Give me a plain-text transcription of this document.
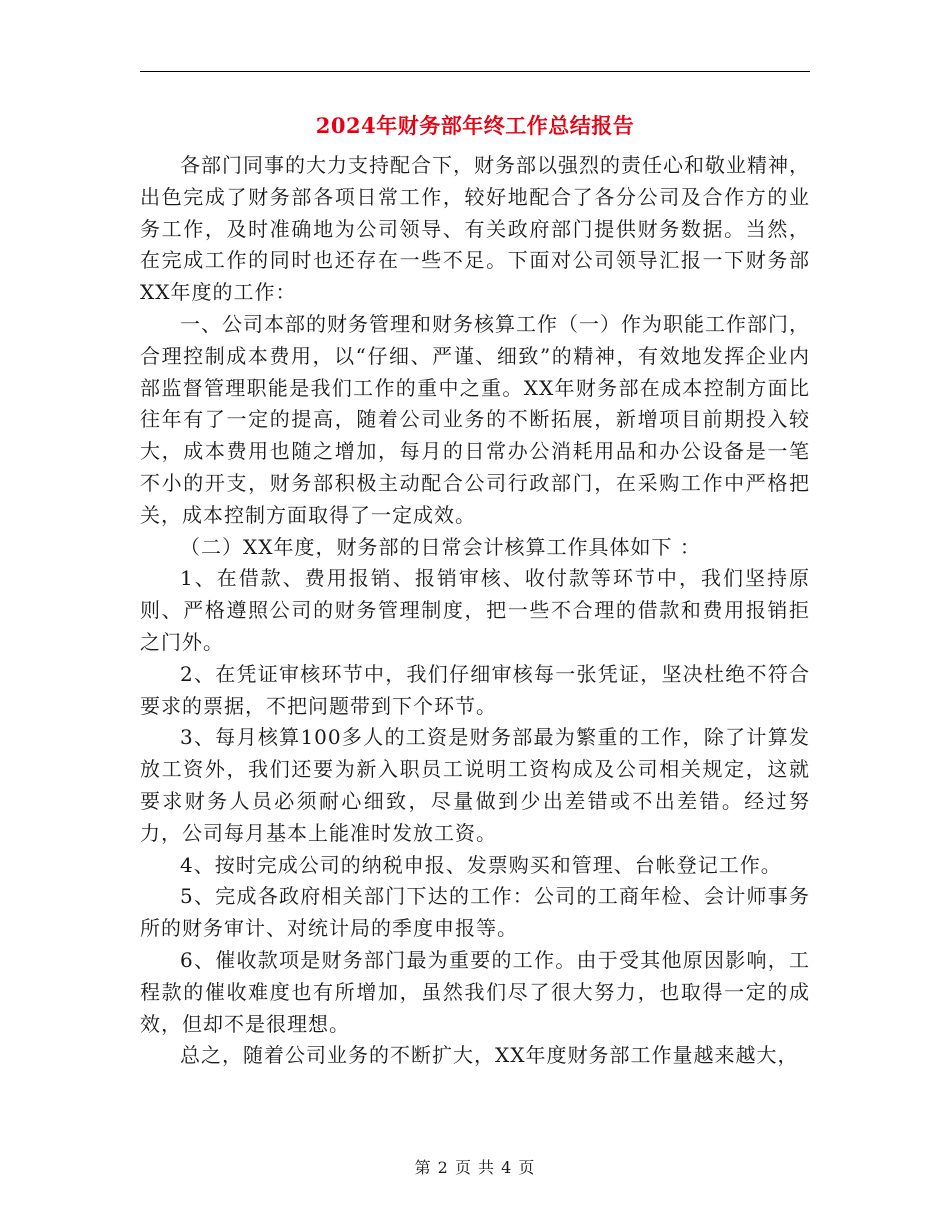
2024年财务部年终工作总结报告

各部门同事的大力支持配合下，财务部以强烈的责任心和敬业精神，出色完成了财务部各项日常工作，较好地配合了各分公司及合作方的业务工作，及时准确地为公司领导、有关政府部门提供财务数据。当然，在完成工作的同时也还存在一些不足。下面对公司领导汇报一下财务部XX年度的工作：

一、公司本部的财务管理和财务核算工作（一）作为职能工作部门，合理控制成本费用，以“仔细、严谨、细致”的精神，有效地发挥企业内部监督管理职能是我们工作的重中之重。XX年财务部在成本控制方面比往年有了一定的提高，随着公司业务的不断拓展，新增项目前期投入较大，成本费用也随之增加，每月的日常办公消耗用品和办公设备是一笔不小的开支，财务部积极主动配合公司行政部门，在采购工作中严格把关，成本控制方面取得了一定成效。

（二）XX年度，财务部的日常会计核算工作具体如下 ：

1、在借款、费用报销、报销审核、收付款等环节中，我们坚持原则、严格遵照公司的财务管理制度，把一些不合理的借款和费用报销拒之门外。

2、在凭证审核环节中，我们仔细审核每一张凭证，坚决杜绝不符合要求的票据，不把问题带到下个环节。

3、每月核算100多人的工资是财务部最为繁重的工作，除了计算发放工资外，我们还要为新入职员工说明工资构成及公司相关规定，这就要求财务人员必须耐心细致，尽量做到少出差错或不出差错。经过努力，公司每月基本上能准时发放工资。

4、按时完成公司的纳税申报、发票购买和管理、台帐登记工作。

5、完成各政府相关部门下达的工作：公司的工商年检、会计师事务所的财务审计、对统计局的季度申报等。

6、催收款项是财务部门最为重要的工作。由于受其他原因影响，工程款的催收难度也有所增加，虽然我们尽了很大努力，也取得一定的成效，但却不是很理想。

总之，随着公司业务的不断扩大，XX年度财务部工作量越来越大，

第 2 页 共 4 页
